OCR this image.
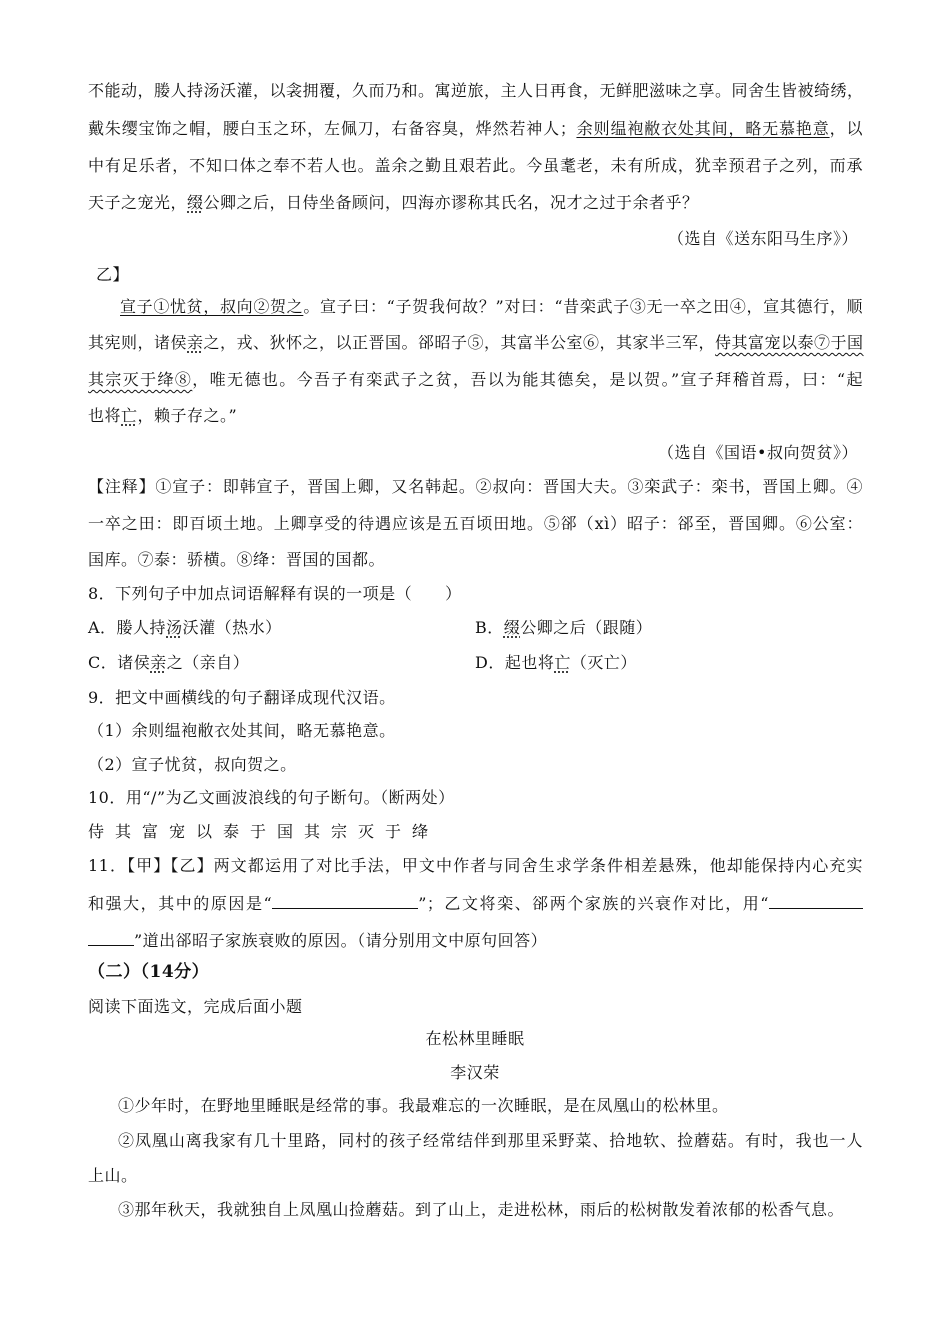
不能动，媵人持汤沃灌，以衾拥覆，久而乃和。寓逆旅，主人日再食，无鲜肥滋味之享。同舍生皆被绮绣，
戴朱缨宝饰之帽，腰白玉之环，左佩刀，右备容臭，烨然若神人；余则缊袍敝衣处其间，略无慕艳意，以
中有足乐者，不知口体之奉不若人也。盖余之勤且艰若此。今虽耄老，未有所成，犹幸预君子之列，而承
天子之宠光，缀公卿之后，日侍坐备顾问，四海亦谬称其氏名，况才之过于余者乎？
（选自《送东阳马生序》）
乙】
宣子①忧贫，叔向②贺之。宣子曰：“子贺我何故？”对曰：“昔栾武子③无一卒之田④，宣其德行，顺
其宪则，诸侯亲之，戎、狄怀之，以正晋国。郤昭子⑤，其富半公室⑥，其家半三军，侍其富宠以泰⑦于国
其宗灭于绛⑧，唯无德也。今吾子有栾武子之贫，吾以为能其德矣，是以贺。”宣子拜稽首焉，曰：“起
也将亡，赖子存之。”
（选自《国语•叔向贺贫》）
【注释】①宣子：即韩宣子，晋国上卿，又名韩起。②叔向：晋国大夫。③栾武子：栾书，晋国上卿。④
一卒之田：即百顷土地。上卿享受的待遇应该是五百顷田地。⑤郤（xì）昭子：郤至，晋国卿。⑥公室：
国库。⑦泰：骄横。⑧绛：晋国的国都。
8．下列句子中加点词语解释有误的一项是（　　）
A．媵人持汤沃灌（热水）	B．缀公卿之后（跟随）
C．诸侯亲之（亲自）	D．起也将亡（灭亡）
9．把文中画横线的句子翻译成现代汉语。
（1）余则缊袍敝衣处其间，略无慕艳意。
（2）宣子忧贫，叔向贺之。
10．用“/”为乙文画波浪线的句子断句。（断两处）
侍其富宠以泰于国其宗灭于绛
11．【甲】【乙】两文都运用了对比手法，甲文中作者与同舍生求学条件相差悬殊，他却能保持内心充实
和强大，其中的原因是“	”；乙文将栾、郤两个家族的兴衰作对比，用“
”道出郤昭子家族衰败的原因。（请分别用文中原句回答）
（二）（14分）
阅读下面选文，完成后面小题
在松林里睡眠
李汉荣
①少年时，在野地里睡眠是经常的事。我最难忘的一次睡眠，是在凤凰山的松林里。
②凤凰山离我家有几十里路，同村的孩子经常结伴到那里采野菜、拾地软、捡蘑菇。有时，我也一人
上山。
③那年秋天，我就独自上凤凰山捡蘑菇。到了山上，走进松林，雨后的松树散发着浓郁的松香气息。
